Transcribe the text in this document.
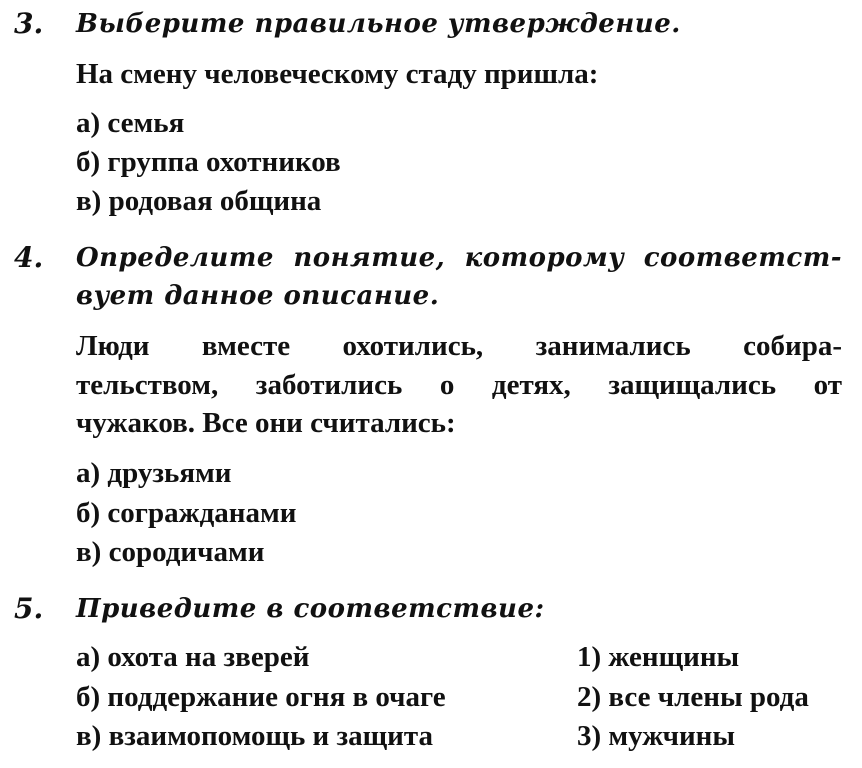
3. Выберите правильное утверждение.
На смену человеческому стаду пришла:
а) семья
б) группа охотников
в) родовая община
4. Определите понятие, которому соответст-
вует данное описание.
Люди вместе охотились, занимались собира-
тельством, заботились о детях, защищались от
чужаков. Все они считались:
а) друзьями
б) согражданами
в) сородичами
5. Приведите в соответствие:
а) охота на зверей
б) поддержание огня в очаге
в) взаимопомощь и защита
1) женщины
2) все члены рода
3) мужчины
